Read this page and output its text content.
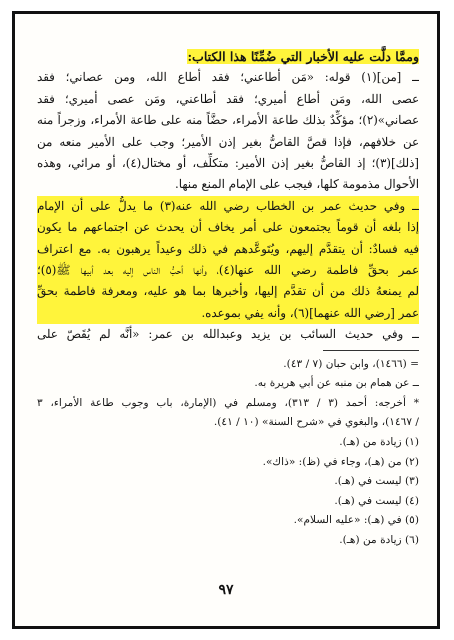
وممَّا دلَّت عليه الأخبار التي ضُمِّنًا هذا الكتاب:
ــ [من](١) قوله: «مَن أطاعني؛ فقد أطاع الله، ومن عصاني؛ فقد
عصى الله، ومَن أطاع أميري؛ فقد أطاعني، ومَن عصى أميري؛ فقد
عصاني»(٢)؛ مؤكِّدٌ بذلك طاعة الأمراء، حضَّاً منه على طاعة الأمراء، وزجراً منه
عن خلافهم، فإذا قصَّ القاصُّ بغير إذن الأمير؛ وجب على الأمير منعه من
[ذلك](٣)؛ إذ القاصُّ بغير إذن الأمير: متكلِّف، أو مختال(٤)، أو مرائي، وهذه
الأحوال مذمومة كلها، فيجب على الإمام المنع منها.
ــ وفي حديث عمر بن الخطاب رضي الله عنه(٣) ما يدلُّ على أن الإمام
إذا بلغه أن قوماً يجتمعون على أمر يخاف أن يحدث عن اجتماعهم ما يكون
فيه فسادٌ: أن يتقدَّم إليهم، ويُتَوعَّدهم في ذلك وعيداً يرهبون به. مع اعتراف
عمر بحقِّ فاطمة رضي الله عنها(٤)، وأنها أحبُّ الناس إليه بعد أبيها ﷺ(٥)؛
لم يمنعهُ ذلك من أن تقدَّم إليها، وأخبرها بما هو عليه، ومعرفة فاطمة بحقِّ
عمر [رضي الله عنهما](٦)، وأنه يفي بموعده.
ــ وفي حديث السائب بن يزيد وعبدالله بن عمر: «أنَّه لم يُقَصّ على
= (١٤٦٦)، وابن حبان (٧ / ٤٣).
ــ عن همام بن منبه عن أبي هريرة به.
* أخرجه: أحمد (٣ / ٣١٣)، ومسلم في (الإمارة، باب وجوب طاعة الأمراء، ٣
/ ١٤٦٧)، والبغوي في «شرح السنة» (١٠ / ٤١).
(١) زيادة من (هـ).
(٢) من (هـ)، وجاء في (ظ): «ذاك».
(٣) ليست في (هـ).
(٤) ليست في (هـ).
(٥) في (هـ): «عليه السلام».
(٦) زيادة من (هـ).
٩٧
